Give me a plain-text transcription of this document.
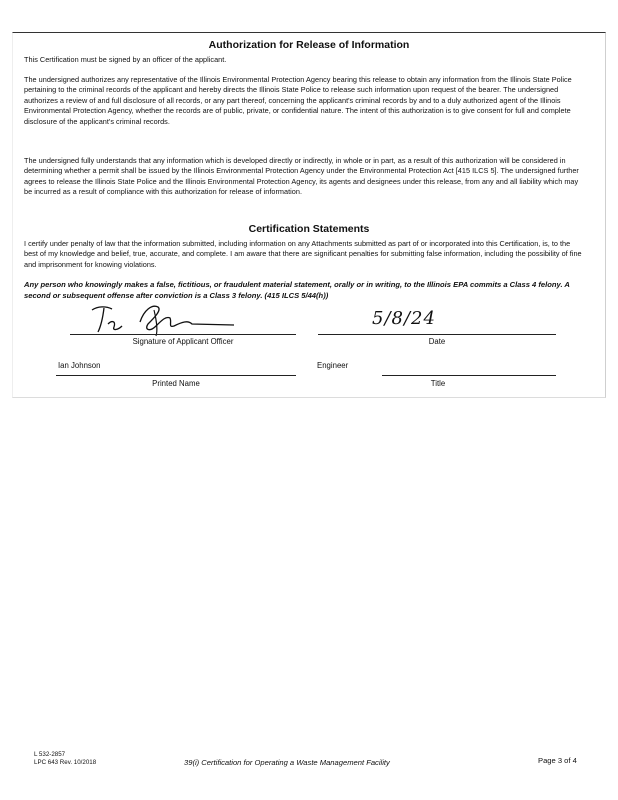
Authorization for Release of Information
This Certification must be signed by an officer of the applicant.
The undersigned authorizes any representative of the Illinois Environmental Protection Agency bearing this release to obtain any information from the Illinois State Police pertaining to the criminal records of the applicant and hereby directs the Illinois State Police to release such information upon request of the bearer. The undersigned authorizes a review of and full disclosure of all records, or any part thereof, concerning the applicant's criminal records by and to a duly authorized agent of the Illinois Environmental Protection Agency, whether the records are of public, private, or confidential nature. The intent of this authorization is to give consent for full and complete disclosure of the applicant's criminal records.
The undersigned fully understands that any information which is developed directly or indirectly, in whole or in part, as a result of this authorization will be considered in determining whether a permit shall be issued by the Illinois Environmental Protection Agency under the Environmental Protection Act [415 ILCS 5]. The undersigned further agrees to release the Illinois State Police and the Illinois Environmental Protection Agency, its agents and designees under this release, from any and all liability which may be incurred as a result of compliance with this authorization for release of information.
Certification Statements
I certify under penalty of law that the information submitted, including information on any Attachments submitted as part of or incorporated into this Certification, is, to the best of my knowledge and belief, true, accurate, and complete. I am aware that there are significant penalties for submitting false information, including the possibility of fine and imprisonment for knowing violations.
Any person who knowingly makes a false, fictitious, or fraudulent material statement, orally or in writing, to the Illinois EPA commits a Class 4 felony. A second or subsequent offense after conviction is a Class 3 felony. (415 ILCS 5/44(h))
Signature of Applicant Officer
5/8/24
Date
Ian Johnson
Printed Name
Engineer
Title
L 532-2857
LPC 643 Rev. 10/2018	39(i) Certification for Operating a Waste Management Facility	Page 3 of 4
